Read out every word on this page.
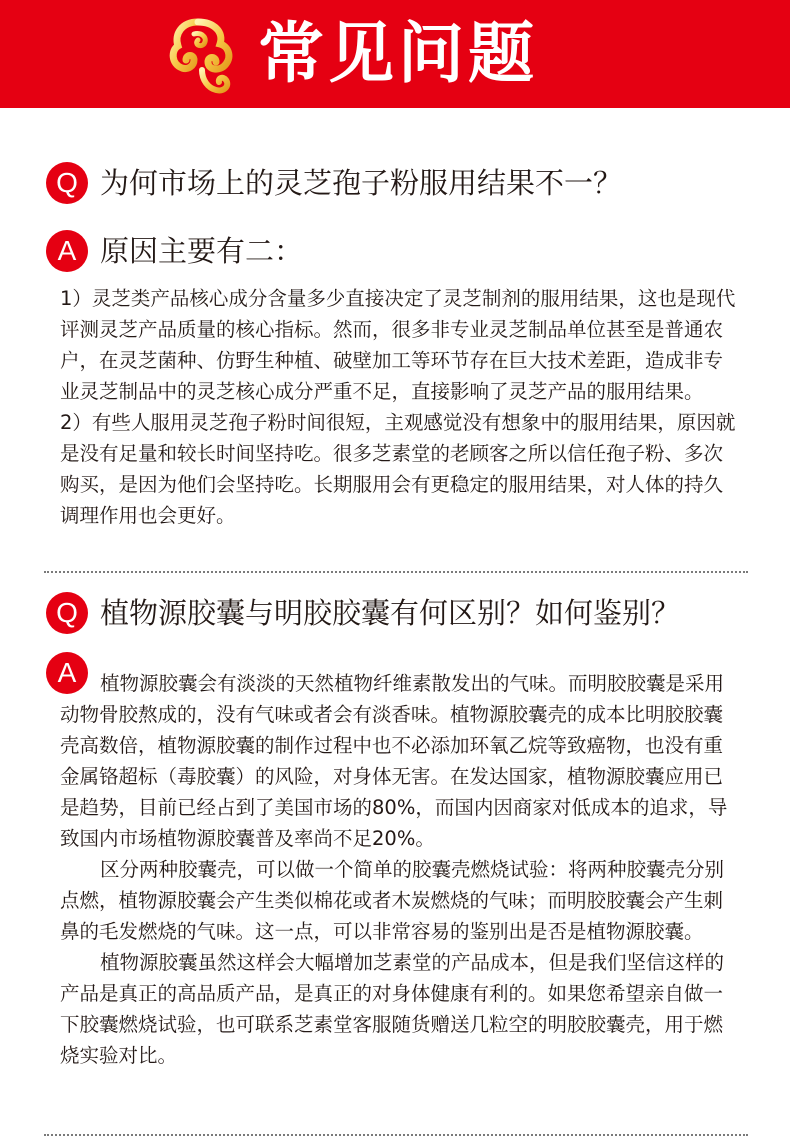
常见问题
Q 为何市场上的灵芝孢子粉服用结果不一？
A 原因主要有二：

1）灵芝类产品核心成分含量多少直接决定了灵芝制剂的服用结果，这也是现代评测灵芝产品质量的核心指标。然而，很多非专业灵芝制品单位甚至是普通农户，在灵芝菌种、仿野生种植、破壁加工等环节存在巨大技术差距，造成非专业灵芝制品中的灵芝核心成分严重不足，直接影响了灵芝产品的服用结果。

2）有些人服用灵芝孢子粉时间很短，主观感觉没有想象中的服用结果，原因就是没有足量和较长时间坚持吃。很多芝素堂的老顾客之所以信任孢子粉、多次购买，是因为他们会坚持吃。长期服用会有更稳定的服用结果，对人体的持久调理作用也会更好。

Q 植物源胶囊与明胶胶囊有何区别？如何鉴别？
A	植物源胶囊会有淡淡的天然植物纤维素散发出的气味。而明胶胶囊是采用动物骨胶熬成的，没有气味或者会有淡香味。植物源胶囊壳的成本比明胶胶囊壳高数倍，植物源胶囊的制作过程中也不必添加环氧乙烷等致癌物，也没有重金属铬超标（毒胶囊）的风险，对身体无害。在发达国家，植物源胶囊应用已是趋势，目前已经占到了美国市场的80%，而国内因商家对低成本的追求，导致国内市场植物源胶囊普及率尚不足20%。

区分两种胶囊壳，可以做一个简单的胶囊壳燃烧试验：将两种胶囊壳分别点燃，植物源胶囊会产生类似棉花或者木炭燃烧的气味；而明胶胶囊会产生刺鼻的毛发燃烧的气味。这一点，可以非常容易的鉴别出是否是植物源胶囊。

植物源胶囊虽然这样会大幅增加芝素堂的产品成本，但是我们坚信这样的产品是真正的高品质产品，是真正的对身体健康有利的。如果您希望亲自做一下胶囊燃烧试验，也可联系芝素堂客服随货赠送几粒空的明胶胶囊壳，用于燃烧实验对比。
